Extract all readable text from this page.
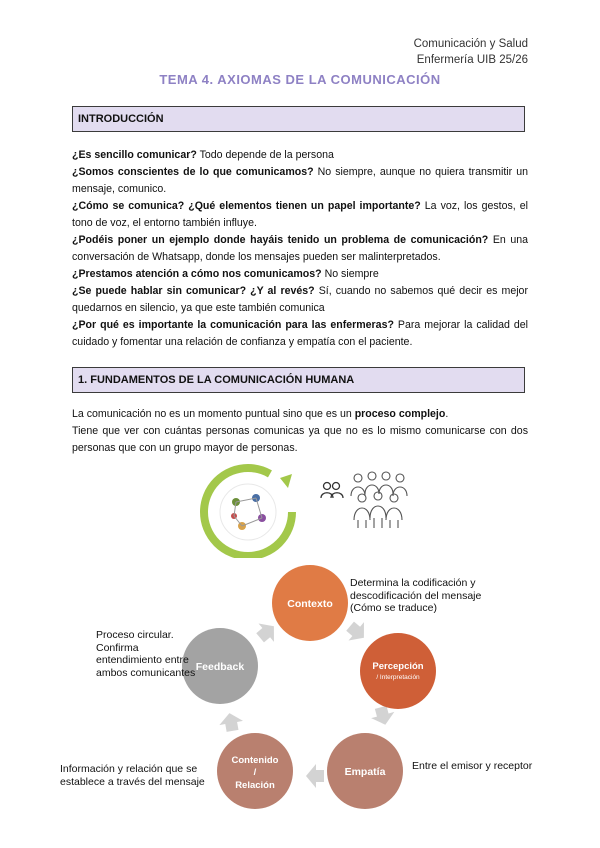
Comunicación y Salud
Enfermería UIB 25/26
TEMA 4. AXIOMAS DE LA COMUNICACIÓN
INTRODUCCIÓN

¿Es sencillo comunicar? Todo depende de la persona

¿Somos conscientes de lo que comunicamos? No siempre, aunque no quiera transmitir un mensaje, comunico.

¿Cómo se comunica? ¿Qué elementos tienen un papel importante? La voz, los gestos, el tono de voz, el entorno también influye.

¿Podéis poner un ejemplo donde hayáis tenido un problema de comunicación? En una conversación de Whatsapp, donde los mensajes pueden ser malinterpretados.

¿Prestamos atención a cómo nos comunicamos? No siempre

¿Se puede hablar sin comunicar? ¿Y al revés? Sí, cuando no sabemos qué decir es mejor quedarnos en silencio, ya que este también comunica

¿Por qué es importante la comunicación para las enfermeras? Para mejorar la calidad del cuidado y fomentar una relación de confianza y empatía con el paciente.

1. FUNDAMENTOS DE LA COMUNICACIÓN HUMANA

La comunicación no es un momento puntual sino que es un proceso complejo.

Tiene que ver con cuántas personas comunicas ya que no es lo mismo comunicarse con dos personas que con un grupo mayor de personas.

Contexto
Percepción
/ Interpretación
Empatía
Contenido
/
Relación
Feedback
Determina la codificación y descodificación del mensaje (Cómo se traduce)
Proceso circular. Confirma entendimiento entre ambos comunicantes
Entre el emisor y receptor
Información y relación que se establece a través del mensaje
